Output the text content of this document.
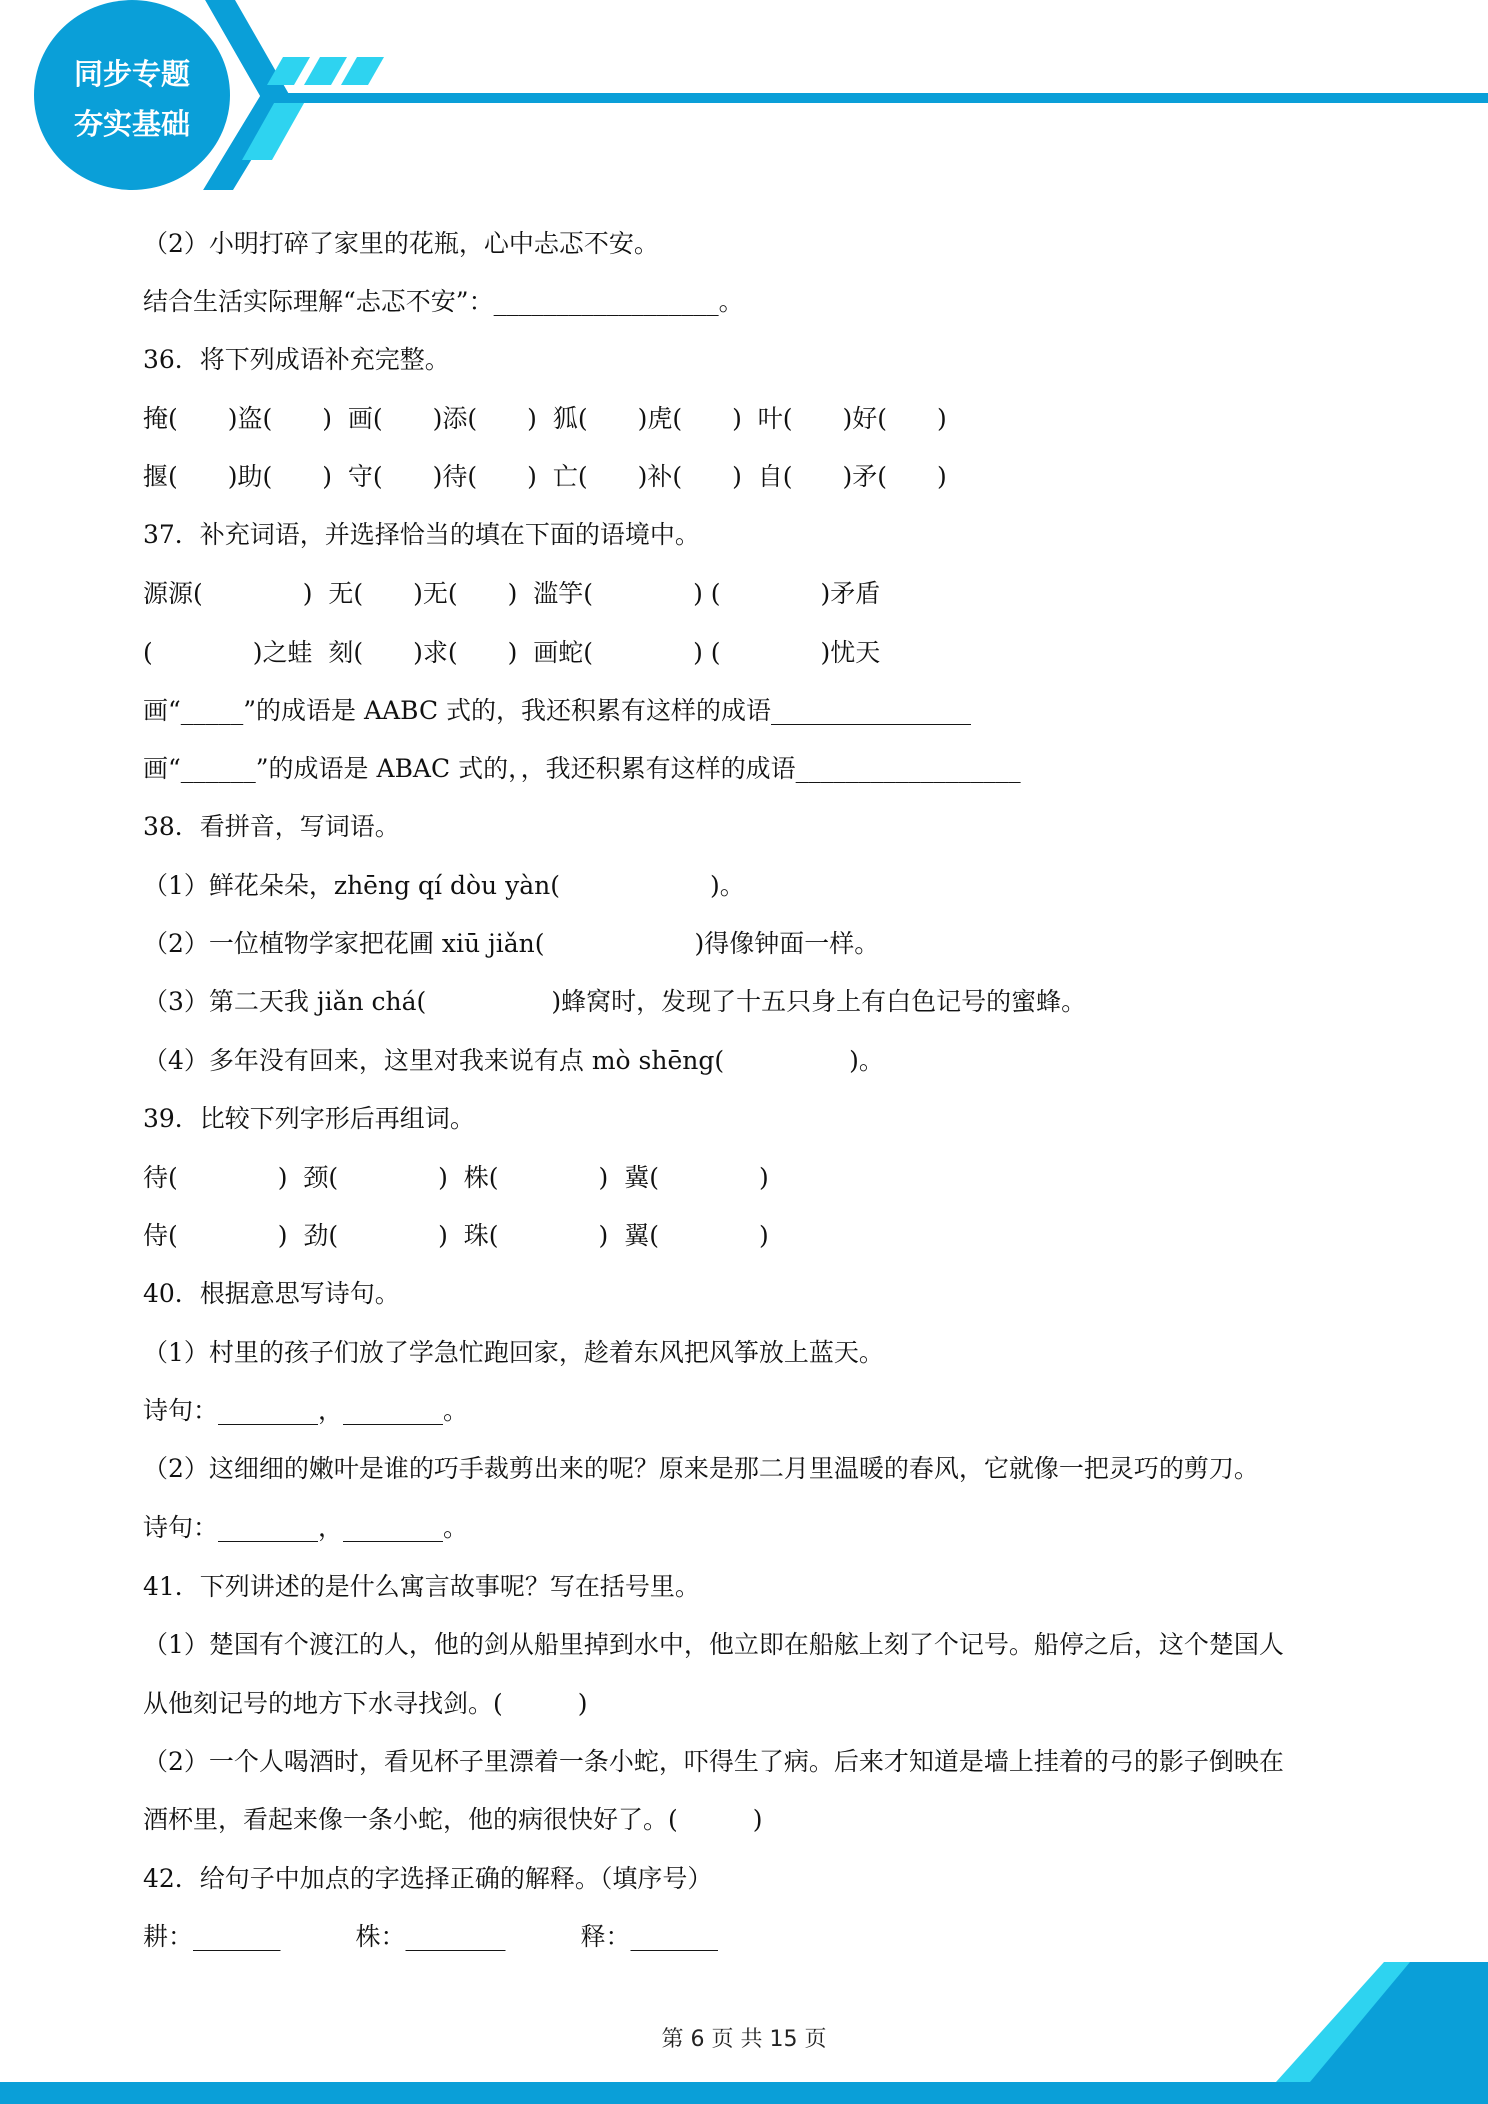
同步专题
夯实基础
（2）小明打碎了家里的花瓶，心中忐忑不安。
结合生活实际理解“忐忑不安”：__________________。
36．将下列成语补充完整。
掩(　　)盗(　　)  画(　　)添(　　)  狐(　　)虎(　　)  叶(　　)好(　　)
揠(　　)助(　　)  守(　　)待(　　)  亡(　　)补(　　)  自(　　)矛(　　)
37．补充词语，并选择恰当的填在下面的语境中。
源源(　　　　)  无(　　)无(　　)  滥竽(　　　　) (　　　　)矛盾
(　　　　)之蛙  刻(　　)求(　　)  画蛇(　　　　) (　　　　)忧天
画“_____”的成语是 AABC 式的，我还积累有这样的成语________________
画“______”的成语是 ABAC 式的，，我还积累有这样的成语__________________
38．看拼音，写词语。
（1）鲜花朵朵，zhēng qí dòu yàn(　　　　　　)。
（2）一位植物学家把花圃 xiū jiǎn(　　　　　　)得像钟面一样。
（3）第二天我 jiǎn chá(　　　　　)蜂窝时，发现了十五只身上有白色记号的蜜蜂。
（4）多年没有回来，这里对我来说有点 mò shēng(　　　　　)。
39．比较下列字形后再组词。
待(　　　　)  颈(　　　　)  株(　　　　)  冀(　　　　)
侍(　　　　)  劲(　　　　)  珠(　　　　)  翼(　　　　)
40．根据意思写诗句。
（1）村里的孩子们放了学急忙跑回家，趁着东风把风筝放上蓝天。
诗句：________，________。
（2）这细细的嫩叶是谁的巧手裁剪出来的呢？原来是那二月里温暖的春风，它就像一把灵巧的剪刀。
诗句：________，________。
41．下列讲述的是什么寓言故事呢？写在括号里。
（1）楚国有个渡江的人，他的剑从船里掉到水中，他立即在船舷上刻了个记号。船停之后，这个楚国人
从他刻记号的地方下水寻找剑。(　　　)
（2）一个人喝酒时，看见杯子里漂着一条小蛇，吓得生了病。后来才知道是墙上挂着的弓的影子倒映在
酒杯里，看起来像一条小蛇，他的病很快好了。(　　　)
42．给句子中加点的字选择正确的解释。（填序号）
耕：_______　　　株：________　　　释：_______
第 6 页 共 15 页
